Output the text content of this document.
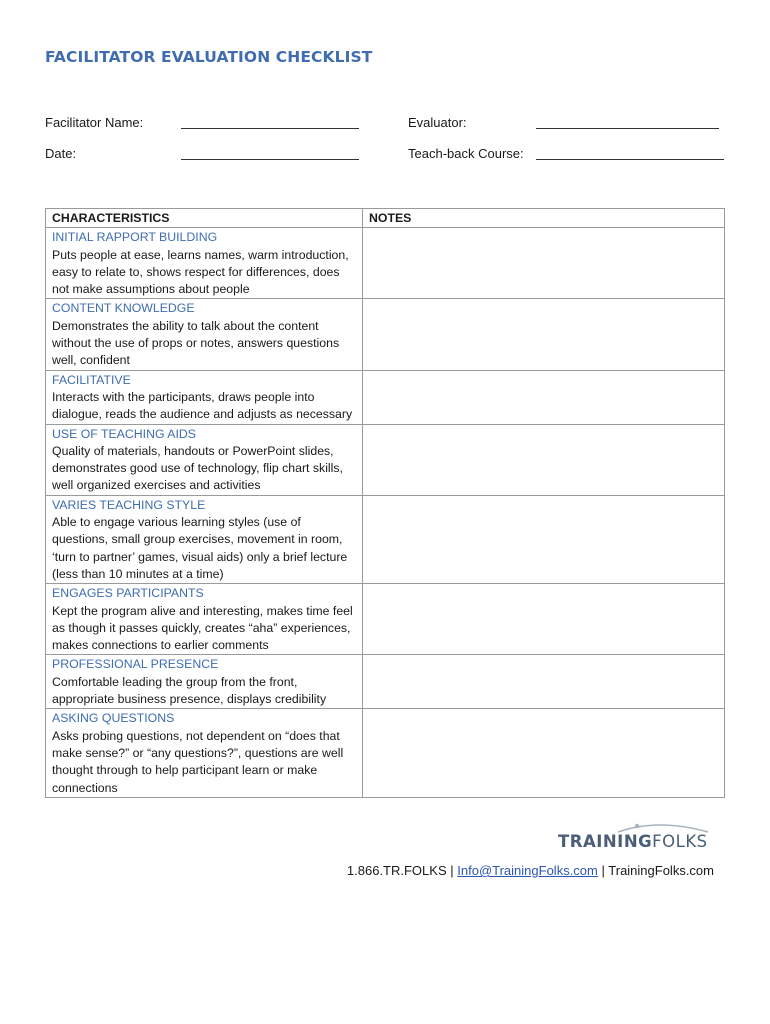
FACILITATOR EVALUATION CHECKLIST
Facilitator Name:	Evaluator:
Date:	Teach-back Course:
CHARACTERISTICS	NOTES

INITIAL RAPPORT BUILDING
Puts people at ease, learns names, warm introduction, easy to relate to, shows respect for differences, does not make assumptions about people	

CONTENT KNOWLEDGE
Demonstrates the ability to talk about the content without the use of props or notes, answers questions well, confident	

FACILITATIVE
Interacts with the participants, draws people into dialogue, reads the audience and adjusts as necessary	

USE OF TEACHING AIDS
Quality of materials, handouts or PowerPoint slides, demonstrates good use of technology, flip chart skills, well organized exercises and activities	

VARIES TEACHING STYLE
Able to engage various learning styles (use of questions, small group exercises, movement in room, ‘turn to partner’ games, visual aids) only a brief lecture (less than 10 minutes at a time)	

ENGAGES PARTICIPANTS
Kept the program alive and interesting, makes time feel as though it passes quickly, creates “aha” experiences, makes connections to earlier comments	

PROFESSIONAL PRESENCE
Comfortable leading the group from the front, appropriate business presence, displays credibility	

ASKING QUESTIONS
Asks probing questions, not dependent on “does that make sense?” or “any questions?”, questions are well thought through to help participant learn or make connections	

TRAININGFOLKS
1.866.TR.FOLKS | Info@TrainingFolks.com | TrainingFolks.com
